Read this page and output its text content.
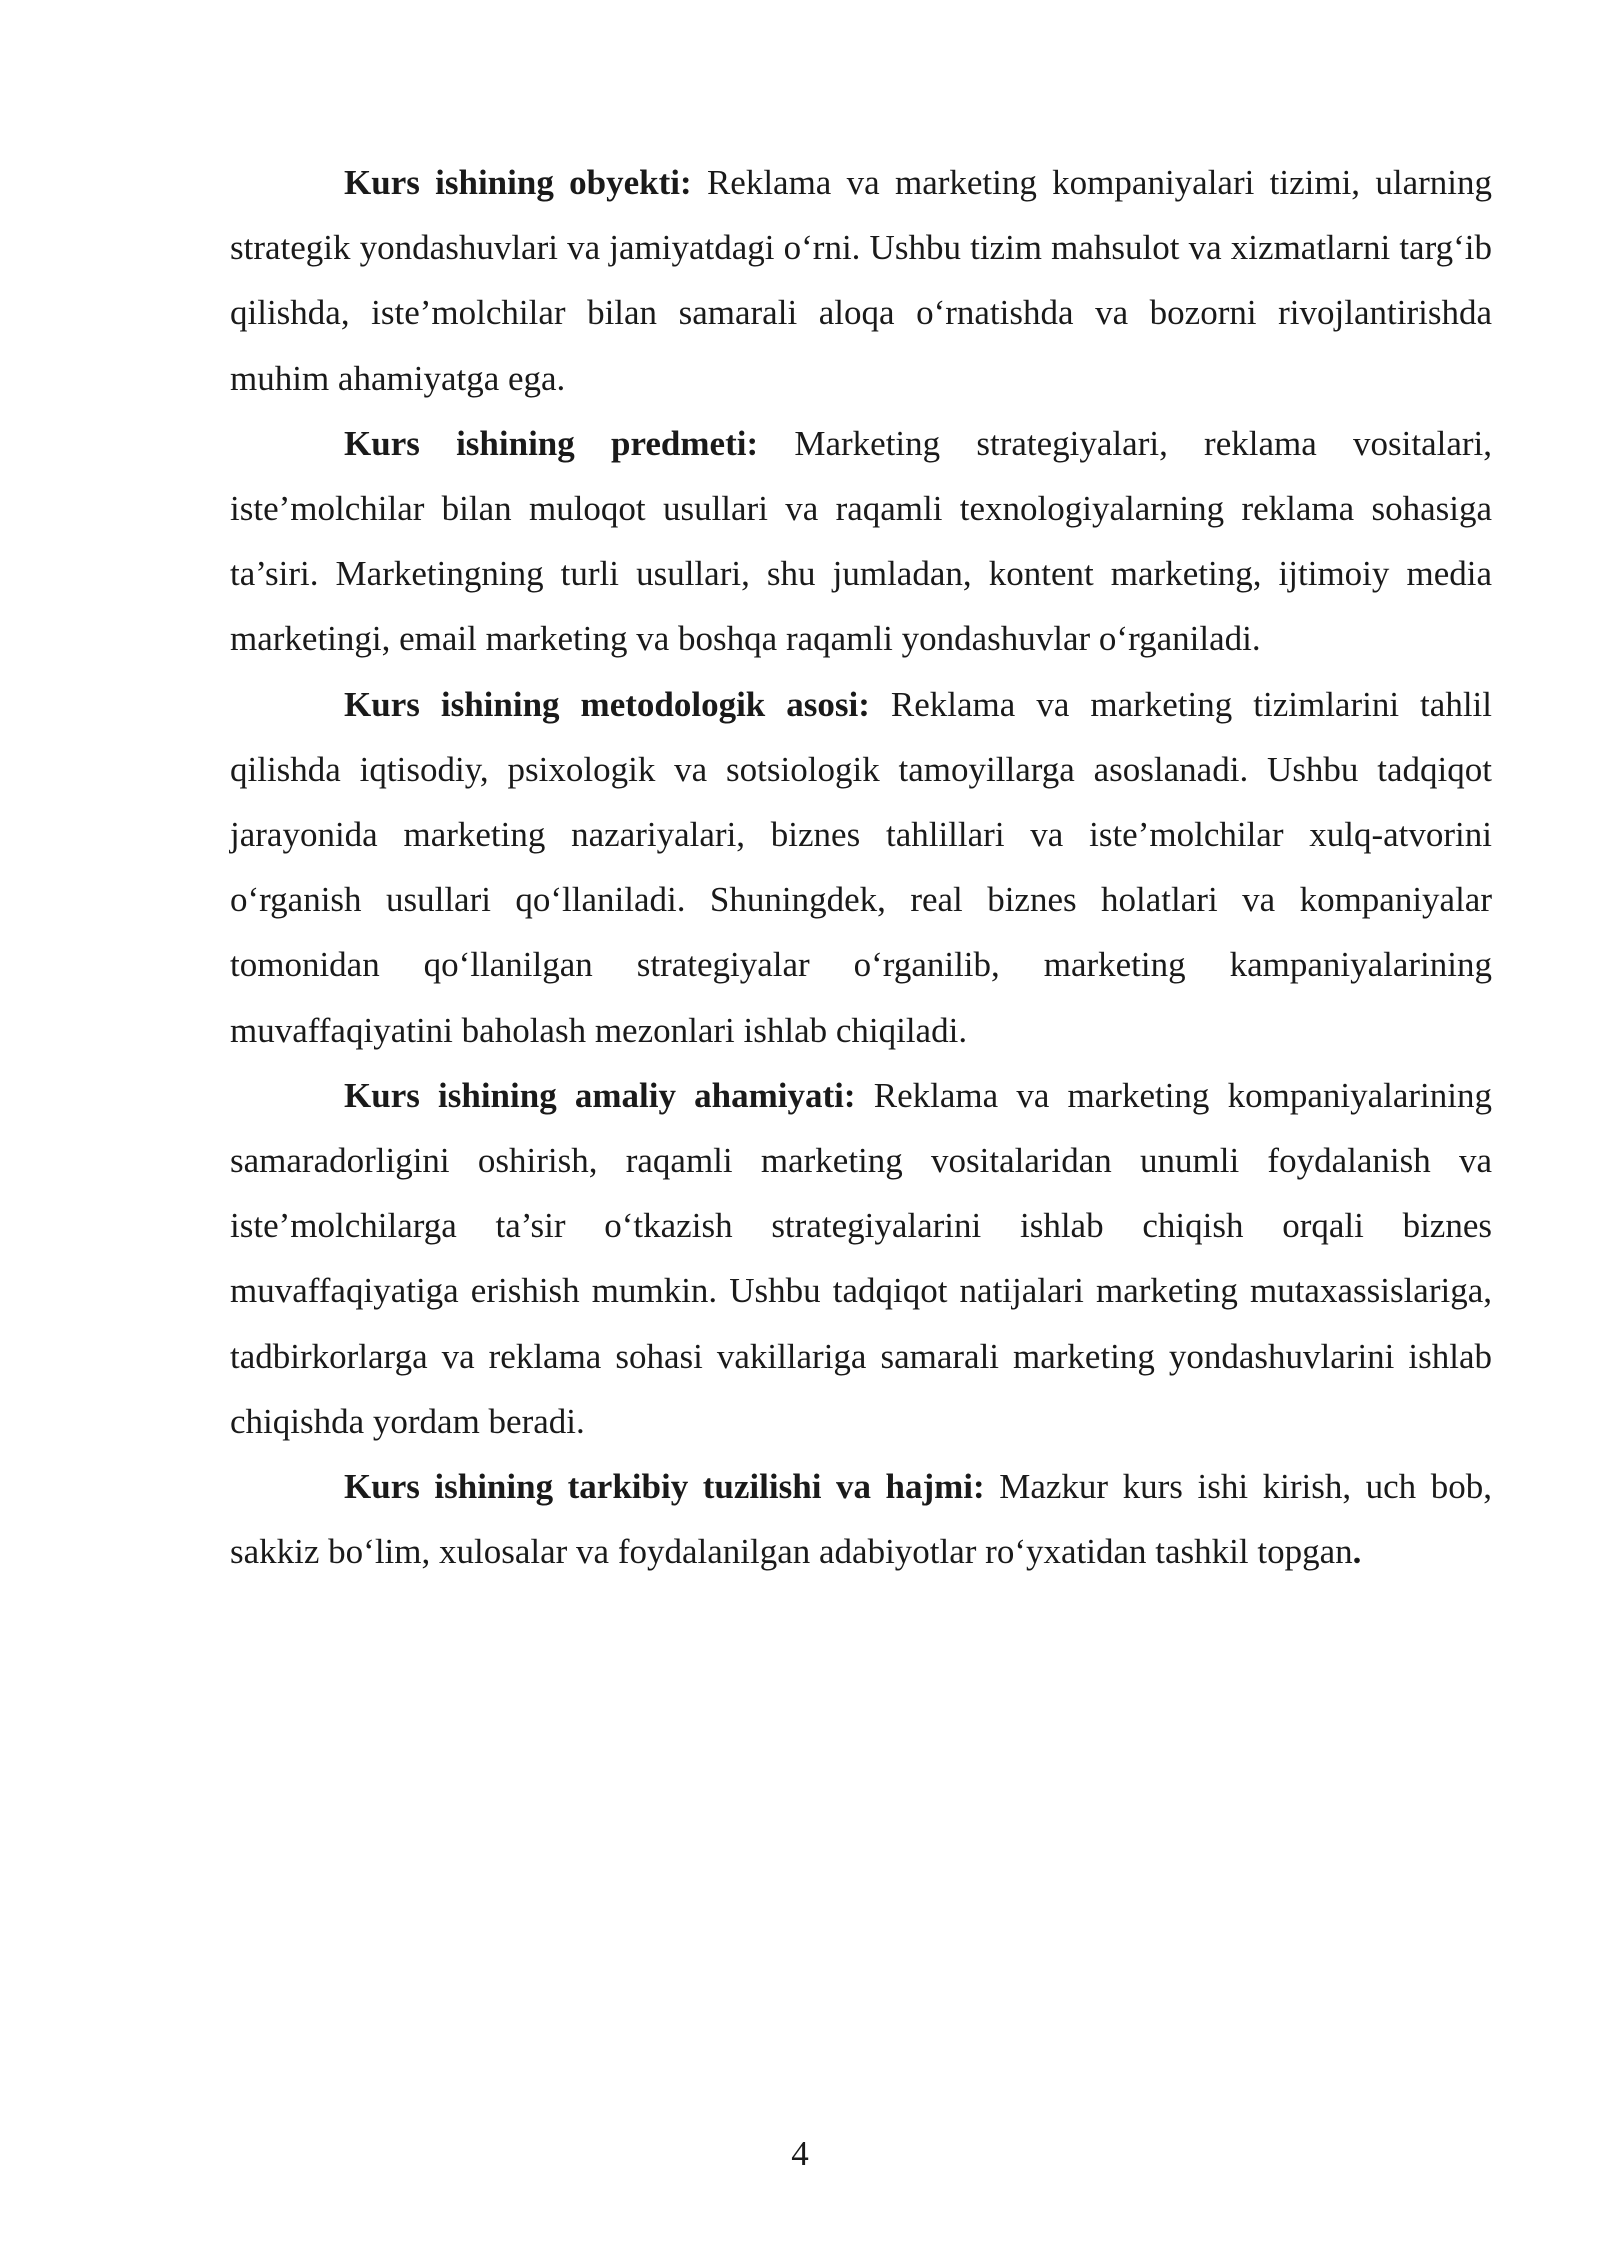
Kurs ishining obyekti: Reklama va marketing kompaniyalari tizimi, ularning strategik yondashuvlari va jamiyatdagi o‘rni. Ushbu tizim mahsulot va xizmatlarni targ‘ib qilishda, iste’molchilar bilan samarali aloqa o‘rnatishda va bozorni rivojlantirishda muhim ahamiyatga ega.

Kurs ishining predmeti: Marketing strategiyalari, reklama vositalari, iste’molchilar bilan muloqot usullari va raqamli texnologiyalarning reklama sohasiga ta’siri. Marketingning turli usullari, shu jumladan, kontent marketing, ijtimoiy media marketingi, email marketing va boshqa raqamli yondashuvlar o‘rganiladi.

Kurs ishining metodologik asosi: Reklama va marketing tizimlarini tahlil qilishda iqtisodiy, psixologik va sotsiologik tamoyillarga asoslanadi. Ushbu tadqiqot jarayonida marketing nazariyalari, biznes tahlillari va iste’molchilar xulq-atvorini o‘rganish usullari qo‘llaniladi. Shuningdek, real biznes holatlari va kompaniyalar tomonidan qo‘llanilgan strategiyalar o‘rganilib, marketing kampaniyalarining muvaffaqiyatini baholash mezonlari ishlab chiqiladi.

Kurs ishining amaliy ahamiyati: Reklama va marketing kompaniyalarining samaradorligini oshirish, raqamli marketing vositalaridan unumli foydalanish va iste’molchilarga ta’sir o‘tkazish strategiyalarini ishlab chiqish orqali biznes muvaffaqiyatiga erishish mumkin. Ushbu tadqiqot natijalari marketing mutaxassislariga, tadbirkorlarga va reklama sohasi vakillariga samarali marketing yondashuvlarini ishlab chiqishda yordam beradi.

Kurs ishining tarkibiy tuzilishi va hajmi: Mazkur kurs ishi kirish, uch bob, sakkiz bo‘lim, xulosalar va foydalanilgan adabiyotlar ro‘yxatidan tashkil topgan.

4
